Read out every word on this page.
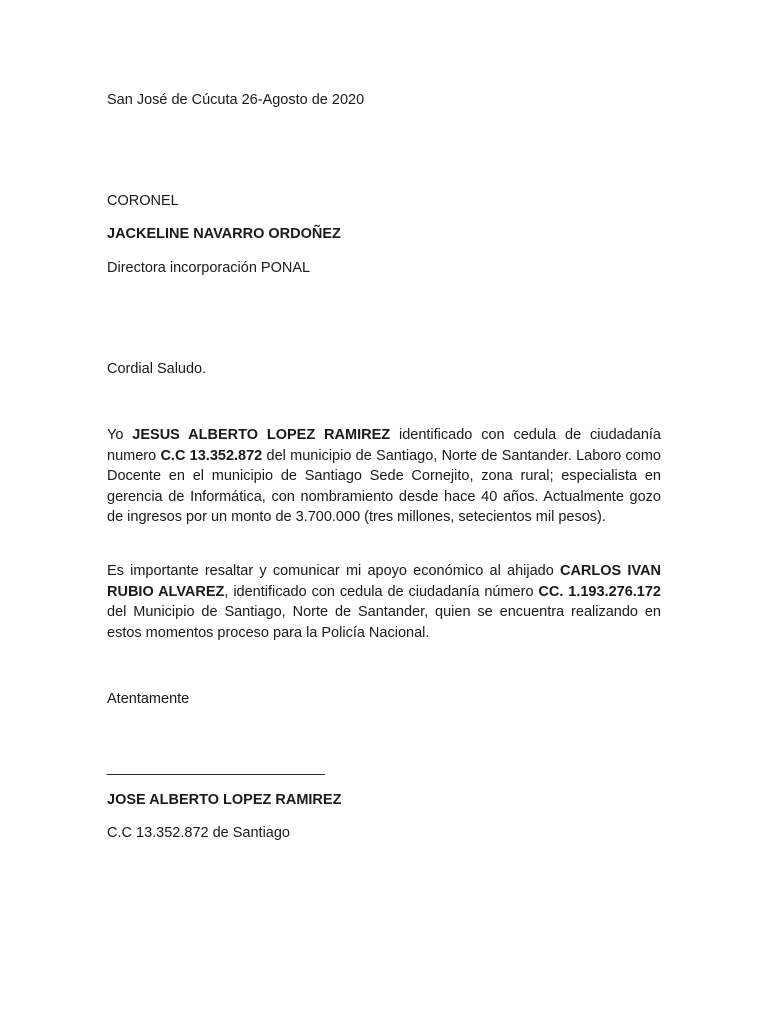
San José de Cúcuta 26-Agosto de 2020
CORONEL
JACKELINE NAVARRO ORDOÑEZ
Directora incorporación PONAL
Cordial Saludo.
Yo JESUS ALBERTO LOPEZ RAMIREZ identificado con cedula de ciudadanía numero C.C 13.352.872 del municipio de Santiago, Norte de Santander. Laboro como Docente en el municipio de Santiago Sede Cornejito, zona rural; especialista en gerencia de Informática, con nombramiento desde hace 40 años. Actualmente gozo de ingresos por un monto de 3.700.000 (tres millones, setecientos mil pesos).
Es importante resaltar y comunicar mi apoyo económico al ahijado CARLOS IVAN RUBIO ALVAREZ, identificado con cedula de ciudadanía número CC. 1.193.276.172 del Municipio de Santiago, Norte de Santander, quien se encuentra realizando en estos momentos proceso para la Policía Nacional.
Atentamente
___________________________
JOSE ALBERTO LOPEZ RAMIREZ
C.C 13.352.872 de Santiago
